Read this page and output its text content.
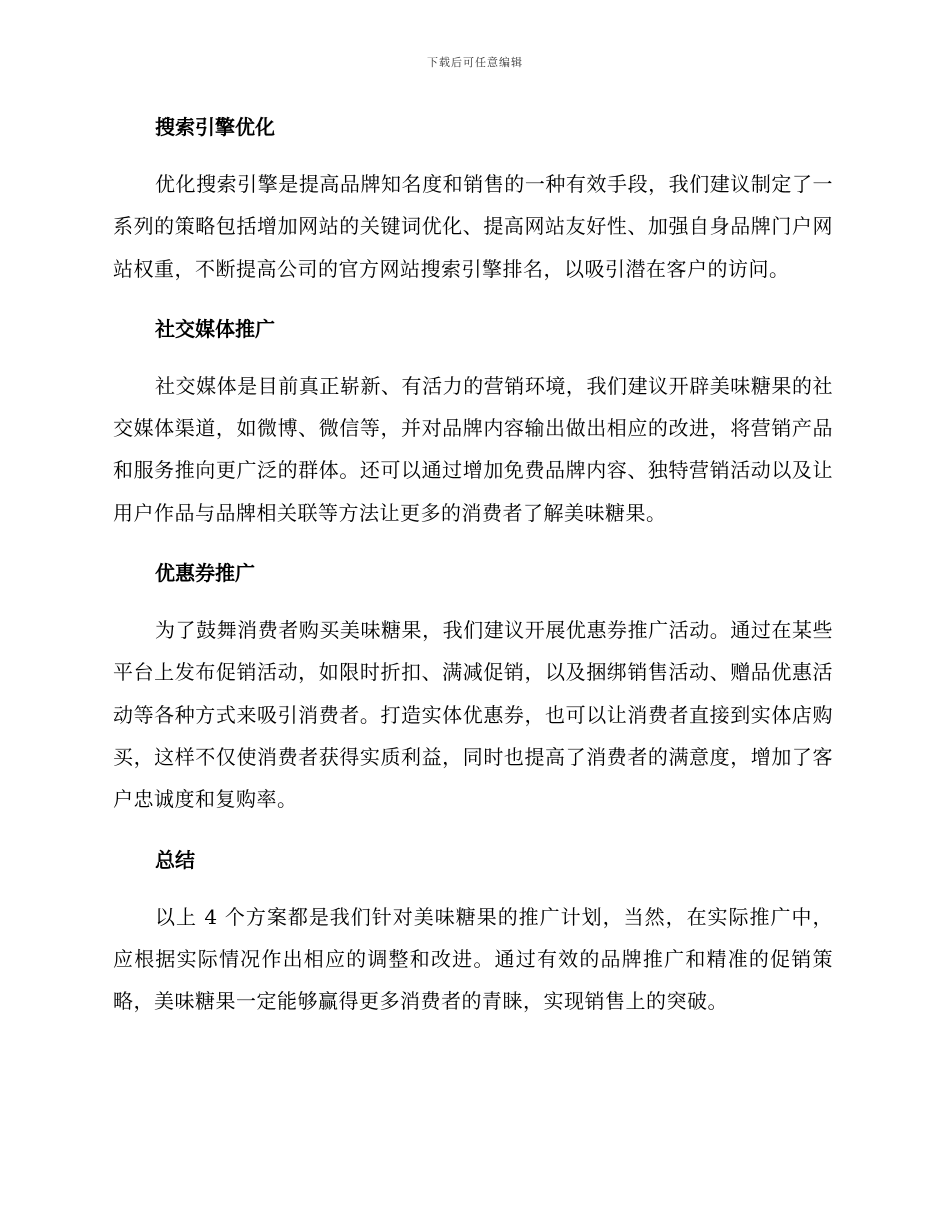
下载后可任意编辑
搜索引擎优化

优化搜索引擎是提高品牌知名度和销售的一种有效手段，我们建议制定了一系列的策略包括增加网站的关键词优化、提高网站友好性、加强自身品牌门户网站权重，不断提高公司的官方网站搜索引擎排名，以吸引潜在客户的访问。

社交媒体推广

社交媒体是目前真正崭新、有活力的营销环境，我们建议开辟美味糖果的社交媒体渠道，如微博、微信等，并对品牌内容输出做出相应的改进，将营销产品和服务推向更广泛的群体。还可以通过增加免费品牌内容、独特营销活动以及让用户作品与品牌相关联等方法让更多的消费者了解美味糖果。

优惠券推广

为了鼓舞消费者购买美味糖果，我们建议开展优惠券推广活动。通过在某些平台上发布促销活动，如限时折扣、满减促销，以及捆绑销售活动、赠品优惠活动等各种方式来吸引消费者。打造实体优惠券，也可以让消费者直接到实体店购买，这样不仅使消费者获得实质利益，同时也提高了消费者的满意度，增加了客户忠诚度和复购率。

总结

以上 4 个方案都是我们针对美味糖果的推广计划，当然，在实际推广中，应根据实际情况作出相应的调整和改进。通过有效的品牌推广和精准的促销策略，美味糖果一定能够赢得更多消费者的青睐，实现销售上的突破。
